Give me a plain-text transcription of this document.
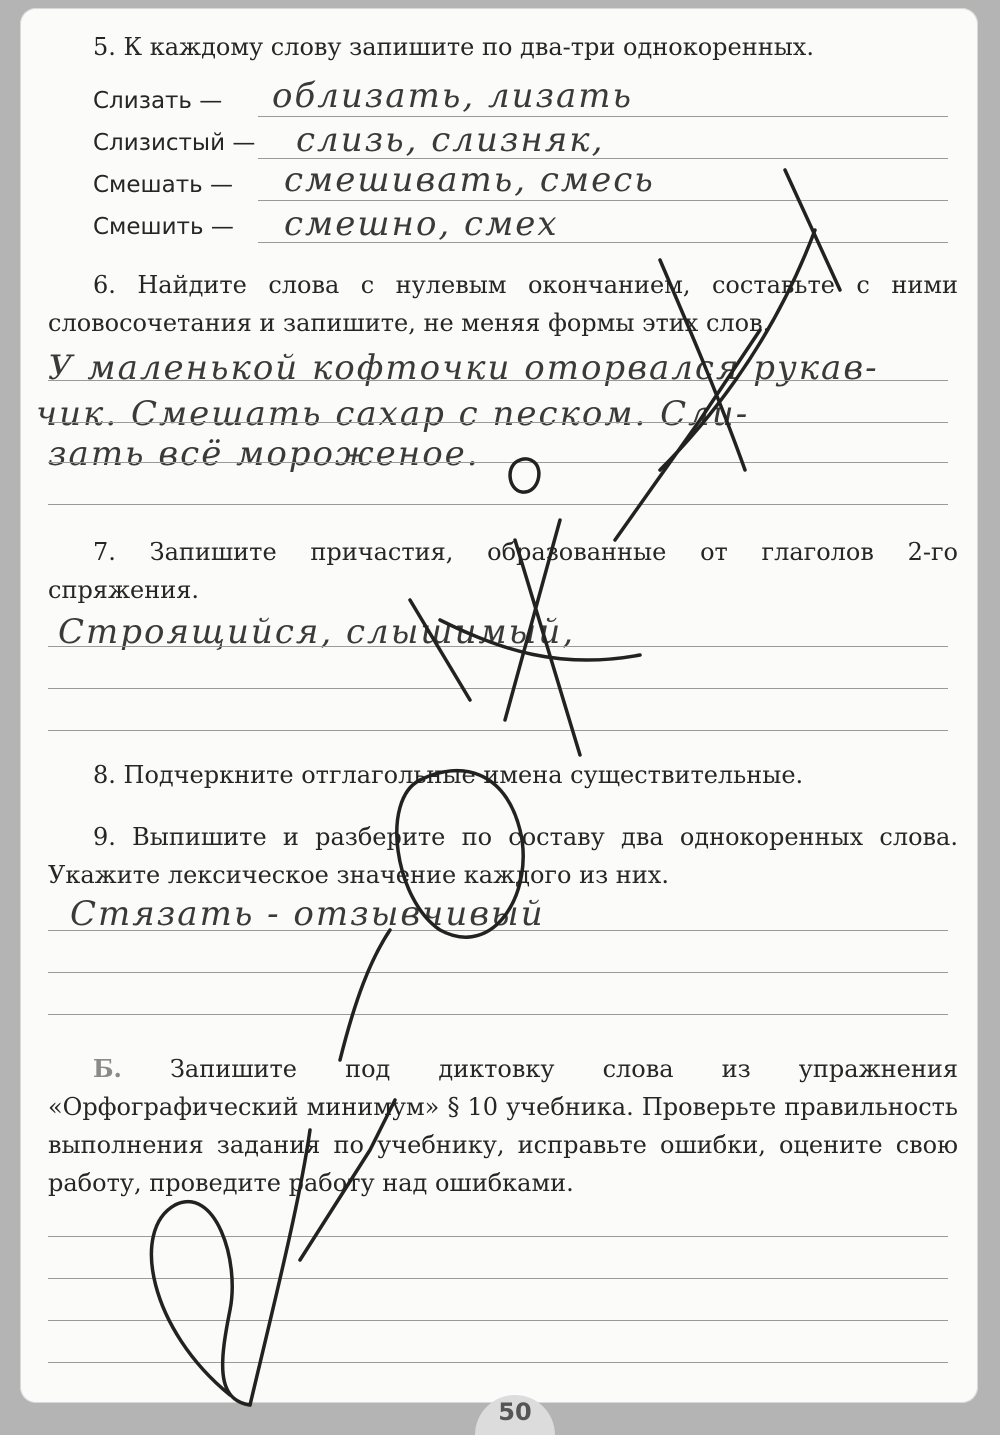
5. К каждому слову запишите по два-три однокоренных.
Слизать — облизать, лизать
Слизистый — слизь, слизняк,
Смешать — смешивать, смесь
Смешить — смешно, смех
6. Найдите слова с нулевым окончанием, составьте с ними словосочетания и запишите, не меняя формы этих слов.
У маленькой кофточки оторвался рукав-
чик. Смешать сахар с песком. Сли-
зать всё мороженое.
7. Запишите причастия, образованные от глаголов 2-го спряжения.
Строящийся, слышимый,
8. Подчеркните отглагольные имена существительные.
9. Выпишите и разберите по составу два однокоренных слова. Укажите лексическое значение каждого из них.
Стязать - отзывчивый
Б. Запишите под диктовку слова из упражнения «Орфографический минимум» § 10 учебника. Проверьте правильность выполнения задания по учебнику, исправьте ошибки, оцените свою работу, проведите работу над ошибками.
50
